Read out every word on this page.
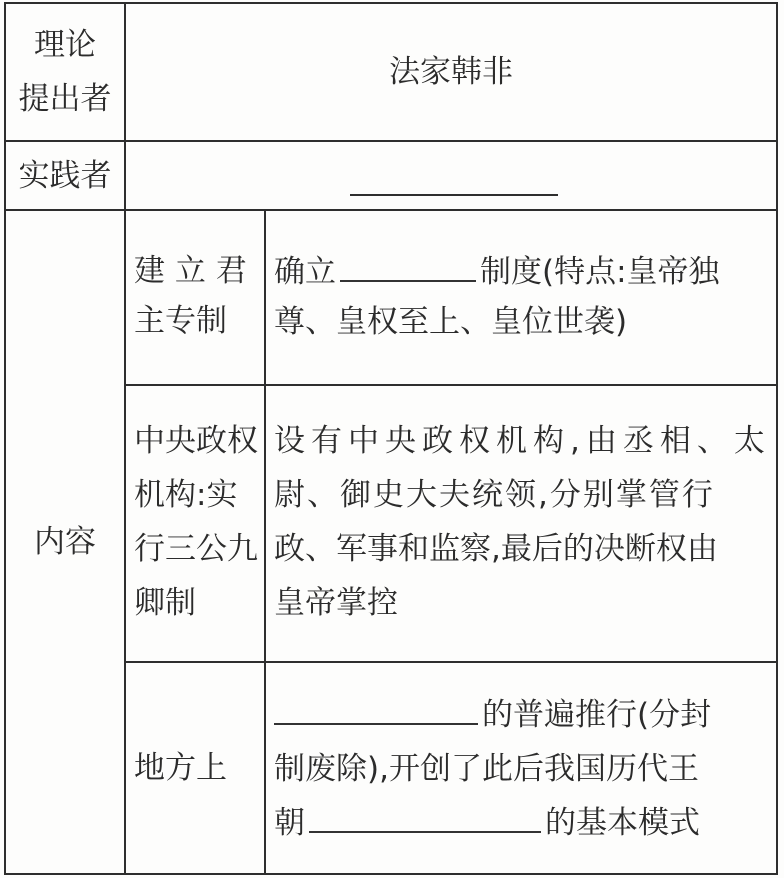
理论
提出者
法家韩非
实践者
内容
建 立 君
主专制
确立	制度(特点:皇帝独
尊、皇权至上、皇位世袭)
中央政权
机构:实
行三公九
卿制
设有中央政权机构,由丞相、太
尉、御史大夫统领,分别掌管行
政、军事和监察,最后的决断权由
皇帝掌控
地方上
的普遍推行(分封
制废除),开创了此后我国历代王
朝	的基本模式
